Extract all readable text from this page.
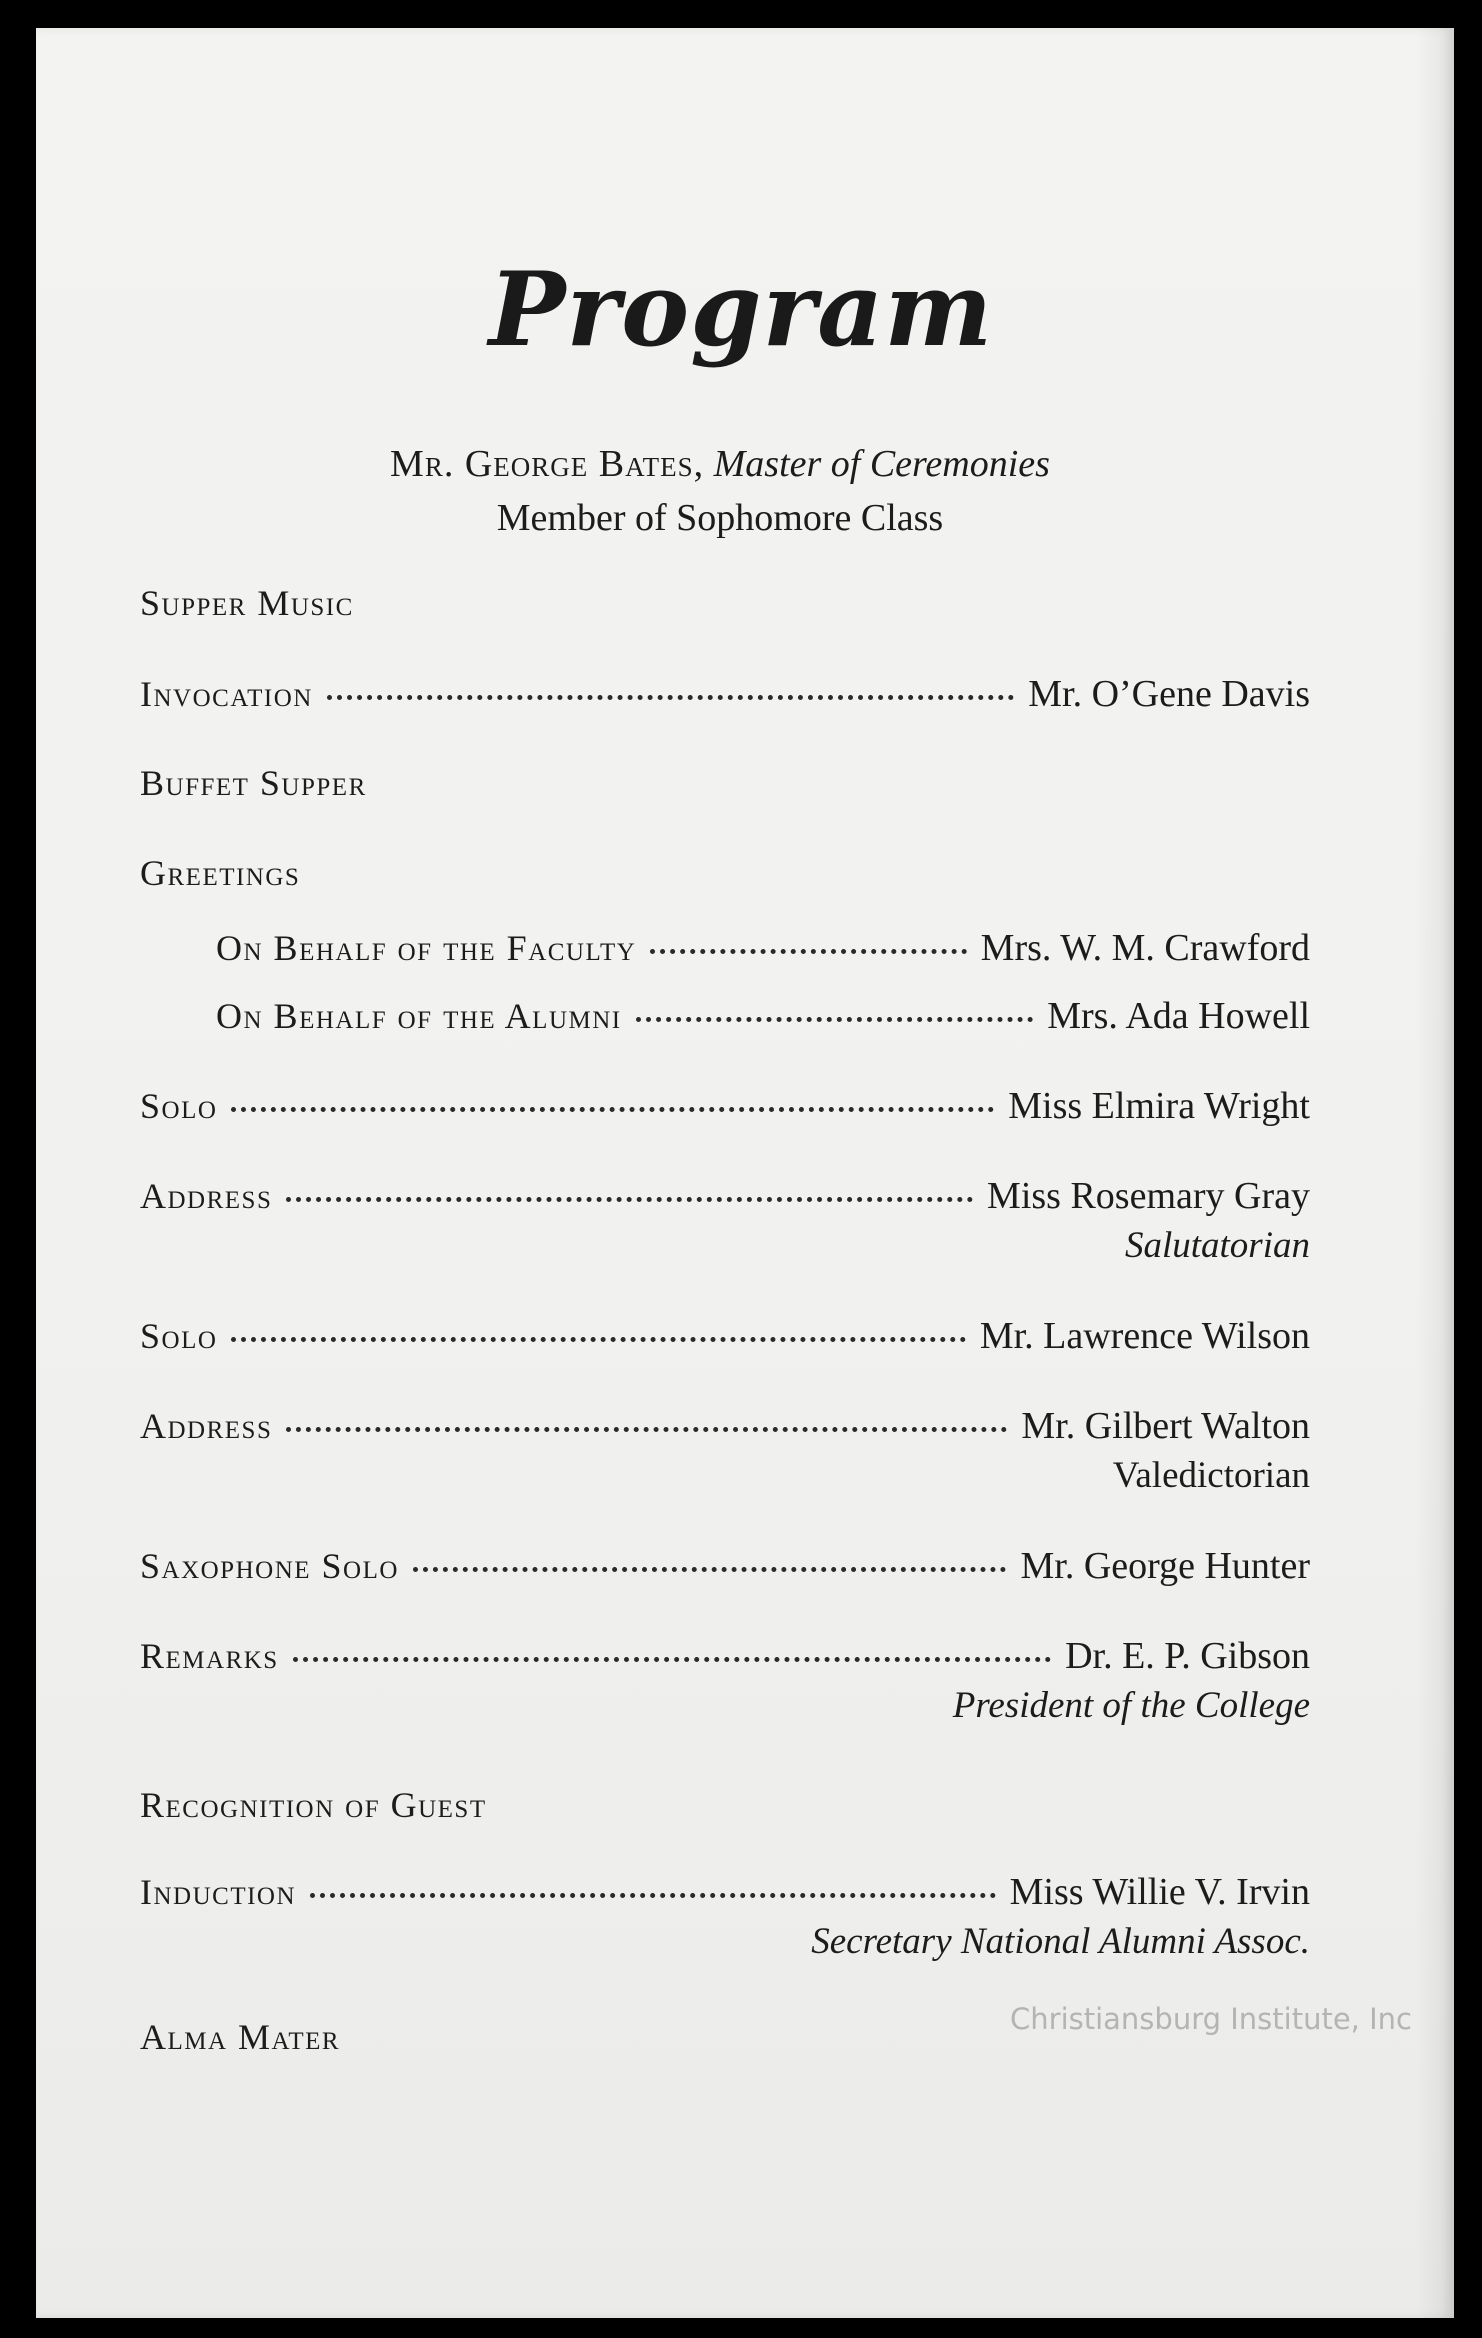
Program
Mr. George Bates, Master of Ceremonies
Member of Sophomore Class
Supper Music
Invocation	Mr. O’Gene Davis
Buffet Supper
Greetings
On Behalf of the Faculty	Mrs. W. M. Crawford
On Behalf of the Alumni	Mrs. Ada Howell
Solo	Miss Elmira Wright
Address	Miss Rosemary Gray
Salutatorian
Solo	Mr. Lawrence Wilson
Address	Mr. Gilbert Walton
Valedictorian
Saxophone Solo	Mr. George Hunter
Remarks	Dr. E. P. Gibson
President of the College
Recognition of Guest
Induction	Miss Willie V. Irvin
Secretary National Alumni Assoc.
Alma Mater	Christiansburg Institute, Inc
